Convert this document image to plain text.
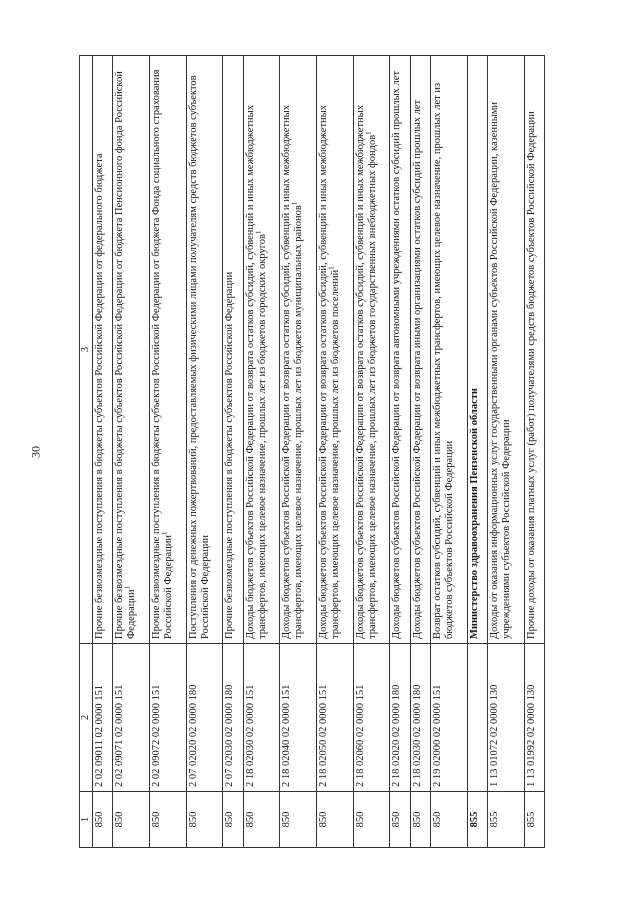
30
1	2	3
850	2 02 09011 02 0000 151	Прочие безвозмездные поступления в бюджеты субъектов Российской Федерации от федерального бюджета
850	2 02 09071 02 0000 151	Прочие безвозмездные поступления в бюджеты субъектов Российской Федерации от бюджета Пенсионного фонда Российской Федерации$^1$
850	2 02 09072 02 0000 151	Прочие безвозмездные поступления в бюджеты субъектов Российской Федерации от бюджета Фонда социального страхования Российской Федерации$^1$
850	2 07 02020 02 0000 180	Поступления от денежных пожертвований, предоставляемых физическими лицами получателям средств бюджетов субъектов Российской Федерации
850	2 07 02030 02 0000 180	Прочие безвозмездные поступления в бюджеты субъектов Российской Федерации
850	2 18 02030 02 0000 151	Доходы бюджетов субъектов Российской Федерации от возврата остатков субсидий, субвенций и иных межбюджетных трансфертов, имеющих целевое назначение, прошлых лет из бюджетов городских округов$^1$
850	2 18 02040 02 0000 151	Доходы бюджетов субъектов Российской Федерации от возврата остатков субсидий, субвенций и иных межбюджетных трансфертов, имеющих целевое назначение, прошлых лет из бюджетов муниципальных районов$^1$
850	2 18 02050 02 0000 151	Доходы бюджетов субъектов Российской Федерации от возврата остатков субсидий, субвенций и иных межбюджетных трансфертов, имеющих целевое назначение, прошлых лет из бюджетов поселений$^1$
850	2 18 02060 02 0000 151	Доходы бюджетов субъектов Российской Федерации от возврата остатков субсидий, субвенций и иных межбюджетных трансфертов, имеющих целевое назначение, прошлых лет из бюджетов государственных внебюджетных фондов$^1$
850	2 18 02020 02 0000 180	Доходы бюджетов субъектов Российской Федерации от возврата автономными учреждениями остатков субсидий прошлых лет
850	2 18 02030 02 0000 180	Доходы бюджетов субъектов Российской Федерации от возврата иными организациями остатков субсидий прошлых лет
850	2 19 02000 02 0000 151	Возврат остатков субсидий, субвенций и иных межбюджетных трансфертов, имеющих целевое назначение, прошлых лет из бюджетов субъектов Российской Федерации
855		Министерство здравоохранения Пензенской области
855	1 13 01072 02 0000 130	Доходы от оказания информационных услуг государственными органами субъектов Российской Федерации, казенными учреждениями субъектов Российской Федерации
855	1 13 01992 02 0000 130	Прочие доходы от оказания платных услуг (работ) получателями средств бюджетов субъектов Российской Федерации
